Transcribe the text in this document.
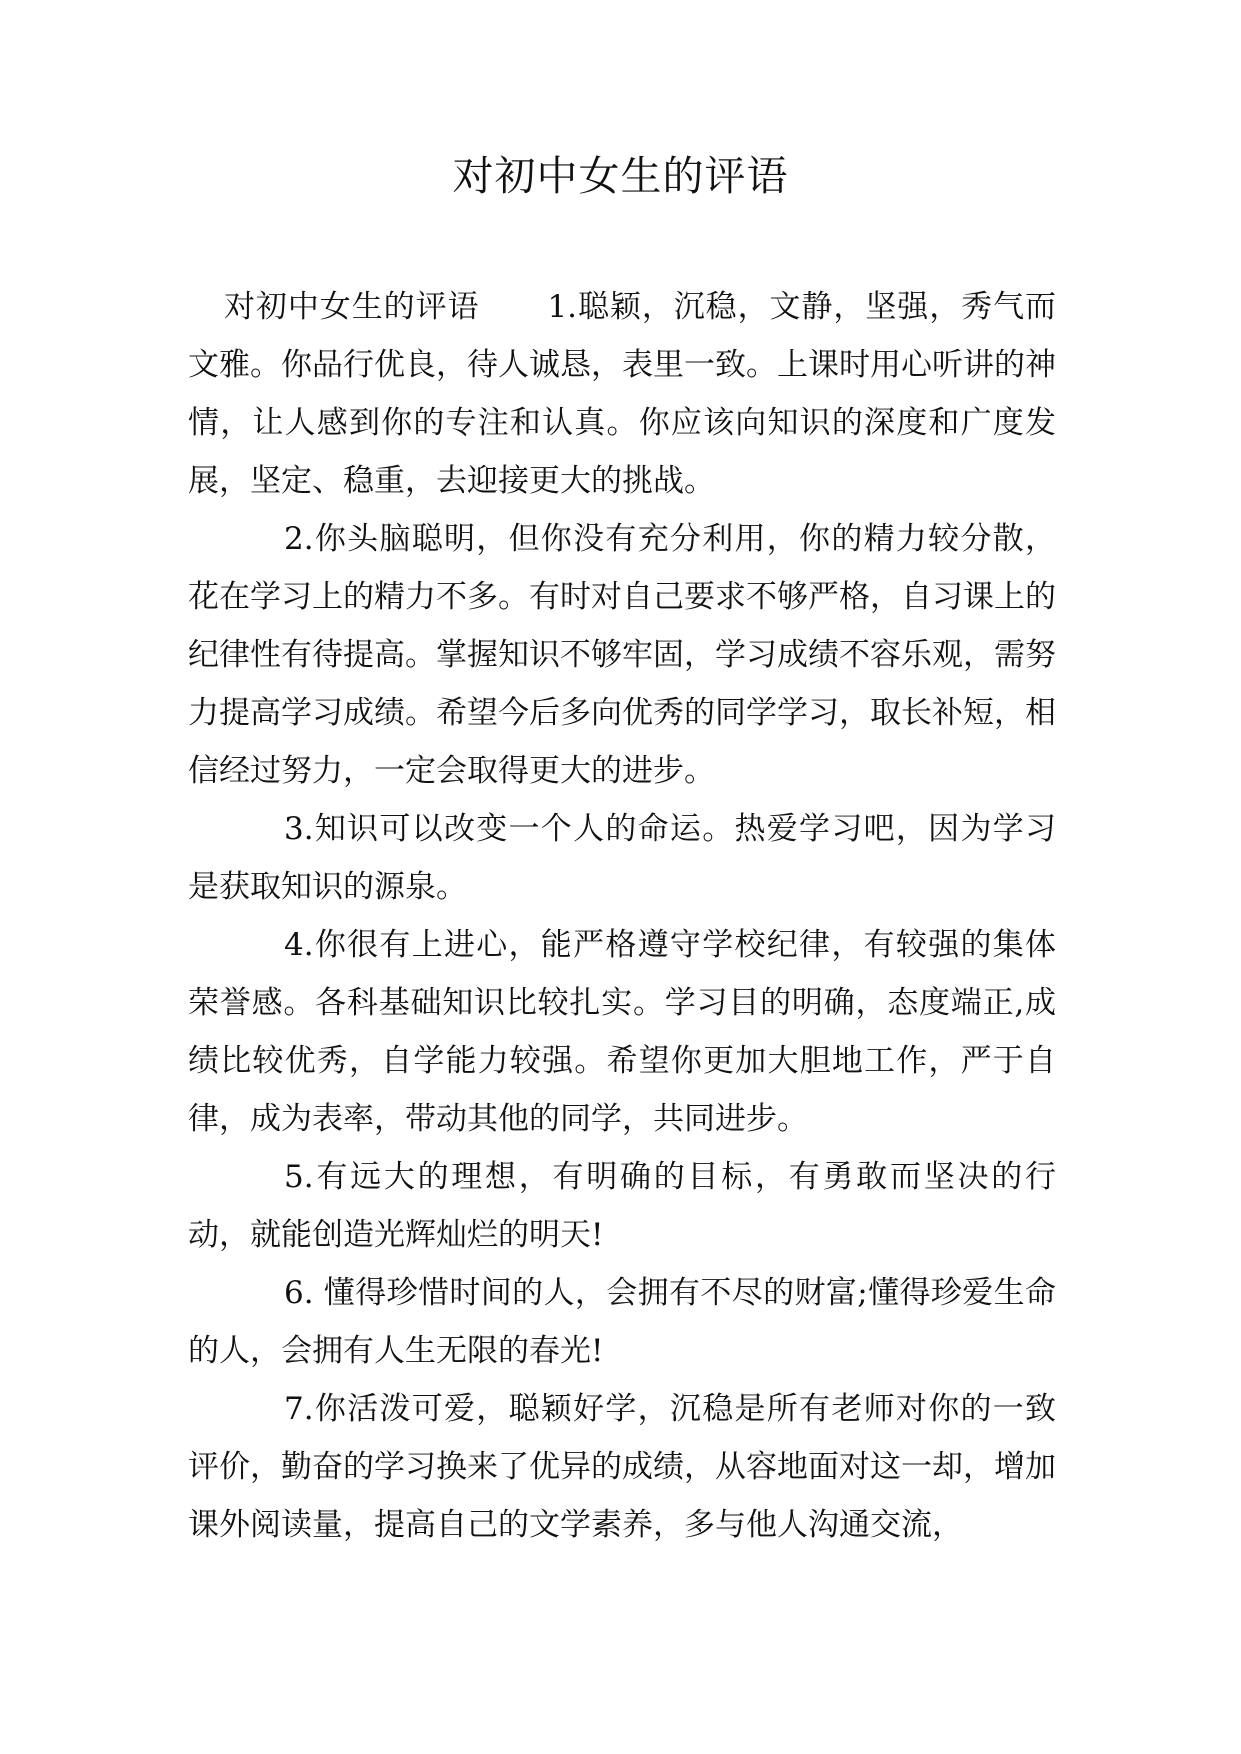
对初中女生的评语

对初中女生的评语 1.聪颖，沉稳，文静，坚强，秀气而文雅。你品行优良，待人诚恳，表里一致。上课时用心听讲的神情，让人感到你的专注和认真。你应该向知识的深度和广度发展，坚定、稳重，去迎接更大的挑战。

2.你头脑聪明，但你没有充分利用，你的精力较分散，花在学习上的精力不多。有时对自己要求不够严格，自习课上的纪律性有待提高。掌握知识不够牢固，学习成绩不容乐观，需努力提高学习成绩。希望今后多向优秀的同学学习，取长补短，相信经过努力，一定会取得更大的进步。

3.知识可以改变一个人的命运。热爱学习吧，因为学习是获取知识的源泉。

4.你很有上进心，能严格遵守学校纪律，有较强的集体荣誉感。各科基础知识比较扎实。学习目的明确，态度端正,成绩比较优秀，自学能力较强。希望你更加大胆地工作，严于自律，成为表率，带动其他的同学，共同进步。

5.有远大的理想，有明确的目标，有勇敢而坚决的行动，就能创造光辉灿烂的明天!

6. 懂得珍惜时间的人，会拥有不尽的财富;懂得珍爱生命的人，会拥有人生无限的春光!

7.你活泼可爱，聪颖好学，沉稳是所有老师对你的一致评价，勤奋的学习换来了优异的成绩，从容地面对这一却，增加课外阅读量，提高自己的文学素养，多与他人沟通交流，
